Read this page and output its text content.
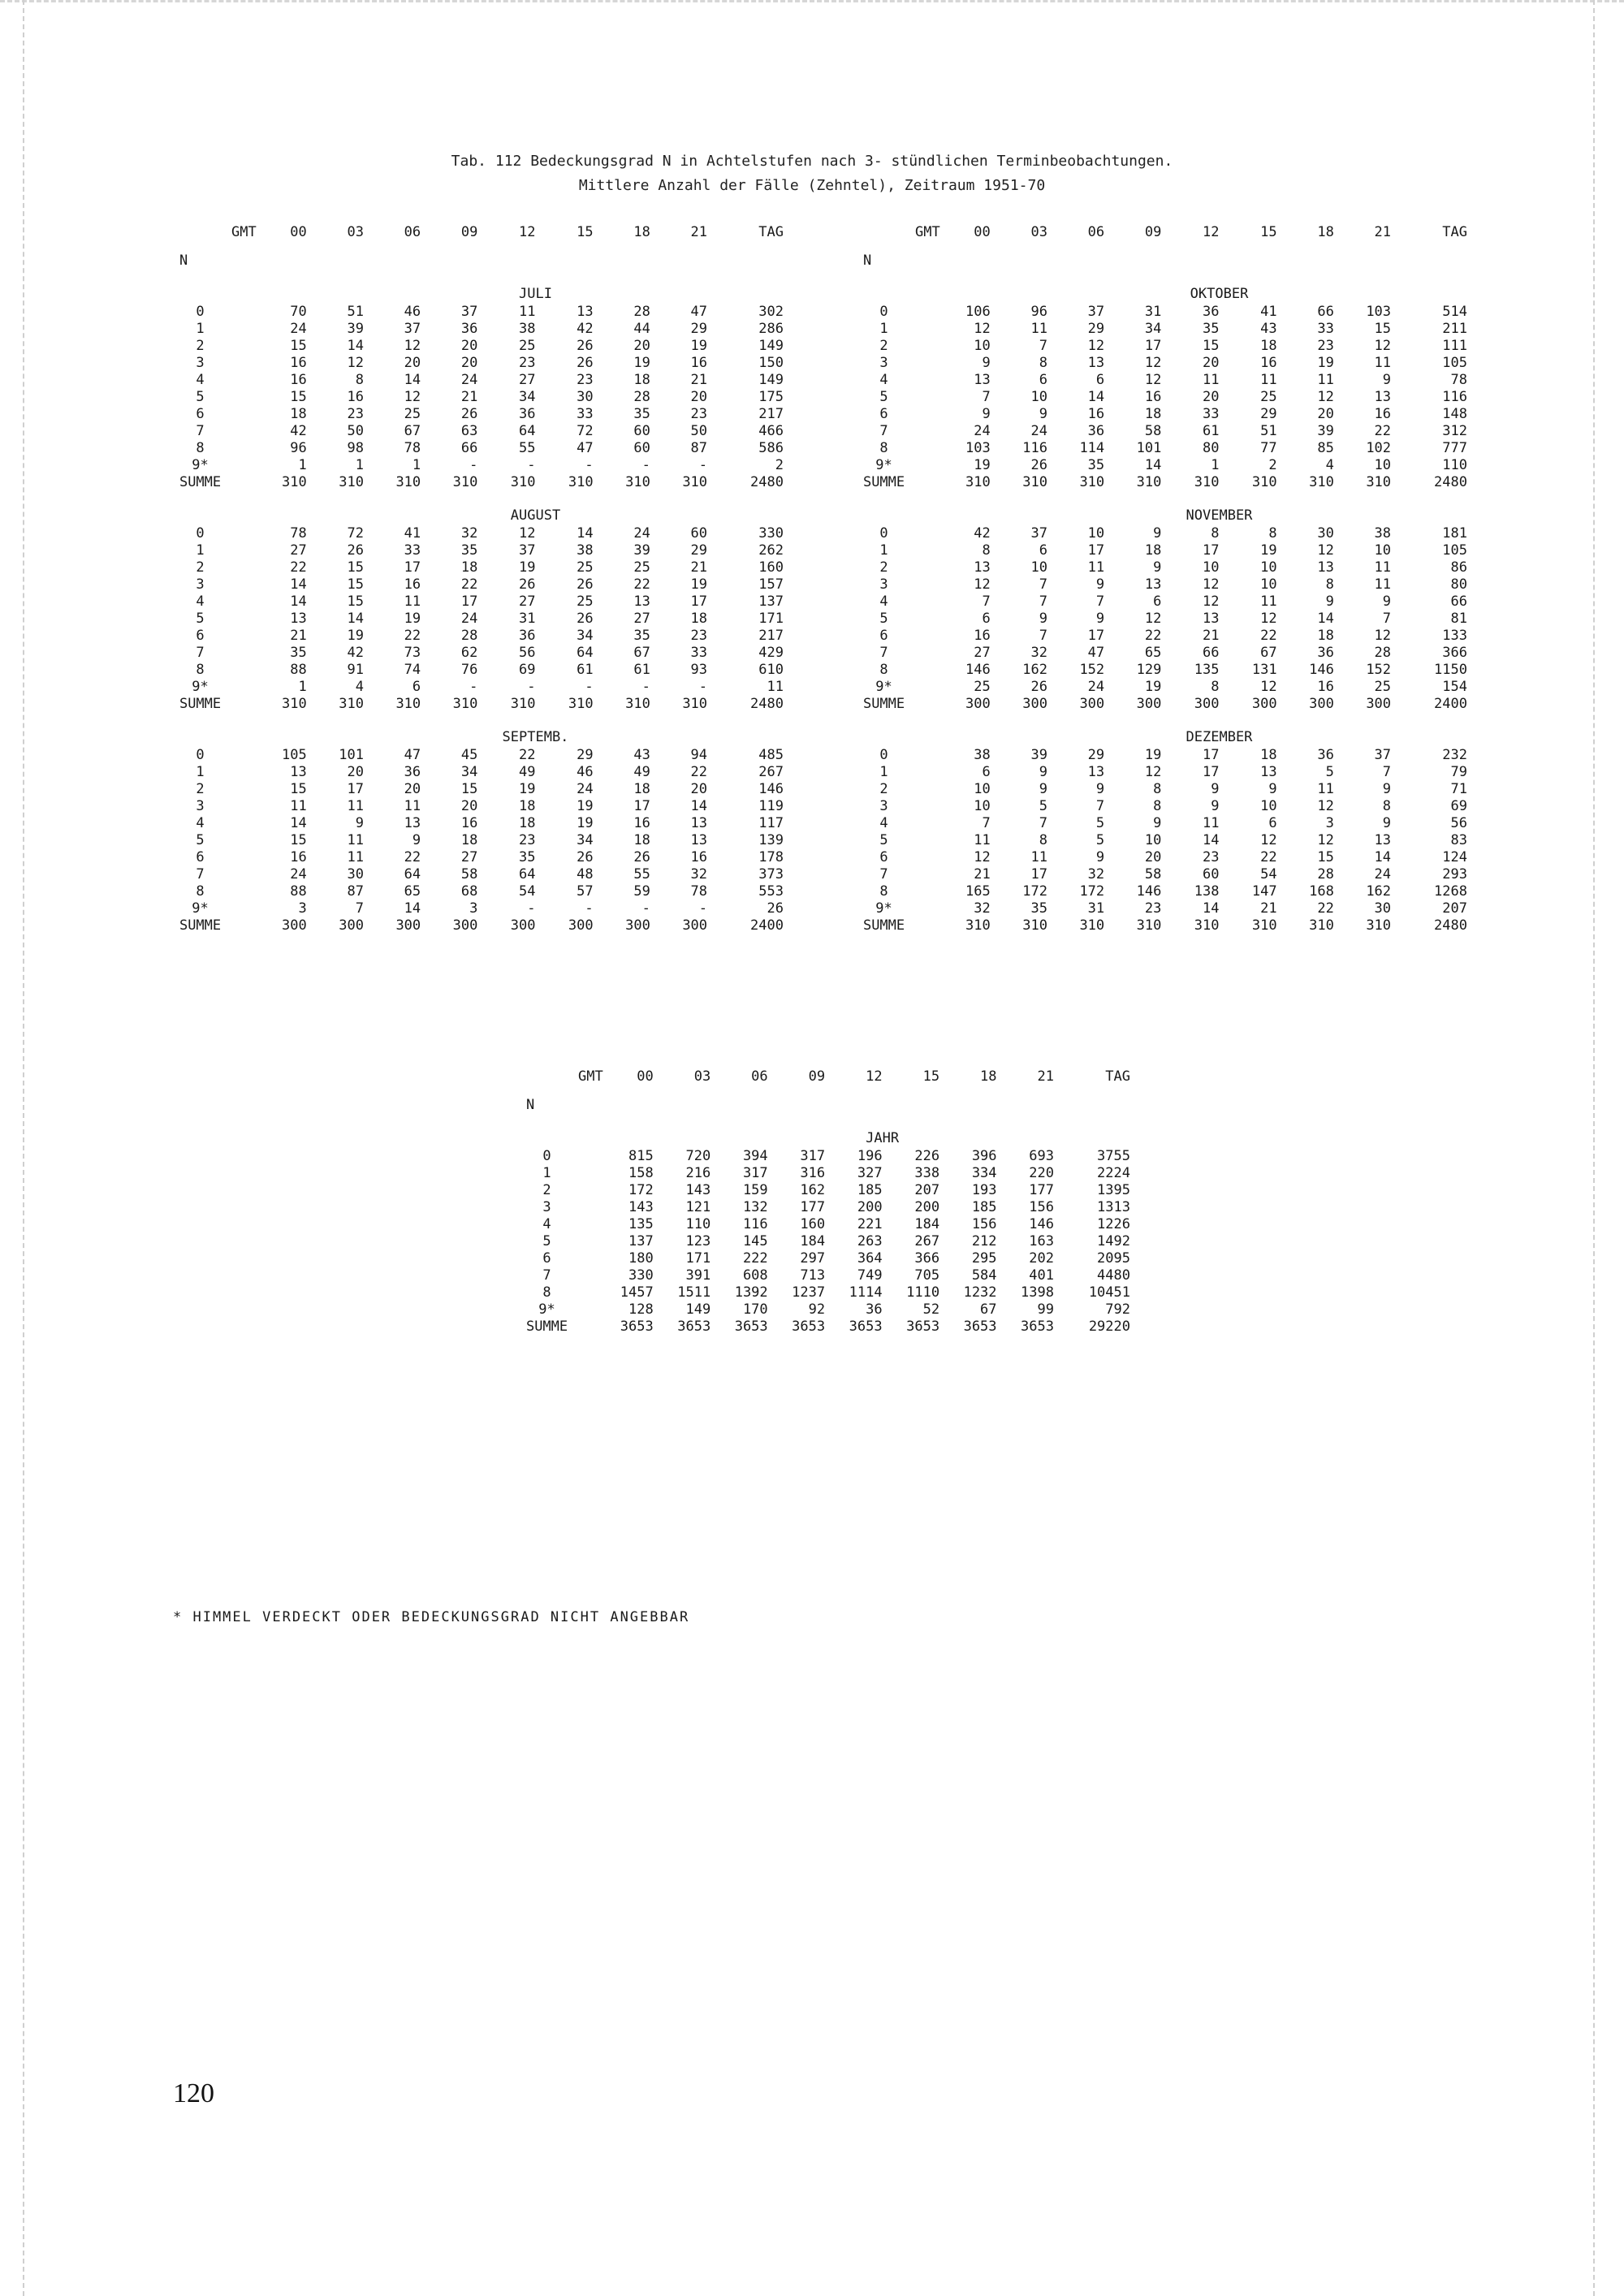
Tab. 112 Bedeckungsgrad N in Achtelstufen nach 3- stündlichen Terminbeobachtungen.
Mittlere Anzahl der Fälle (Zehntel), Zeitraum 1951-70
GMT 00		03	06	09	12	15	18	21	TAG
N									
					JULI				
0	70	51	46	37	11	13	28	47	302
1	24	39	37	36	38	42	44	29	286
2	15	14	12	20	25	26	20	19	149
3	16	12	20	20	23	26	19	16	150
4	16	8	14	24	27	23	18	21	149
5	15	16	12	21	34	30	28	20	175
6	18	23	25	26	36	33	35	23	217
7	42	50	67	63	64	72	60	50	466
8	96	98	78	66	55	47	60	87	586
9*	1	1	1	-	-	-	-	-	2
SUMME	310	310	310	310	310	310	310	310	2480
					AUGUST				
0	78	72	41	32	12	14	24	60	330
1	27	26	33	35	37	38	39	29	262
2	22	15	17	18	19	25	25	21	160
3	14	15	16	22	26	26	22	19	157
4	14	15	11	17	27	25	13	17	137
5	13	14	19	24	31	26	27	18	171
6	21	19	22	28	36	34	35	23	217
7	35	42	73	62	56	64	67	33	429
8	88	91	74	76	69	61	61	93	610
9*	1	4	6	-	-	-	-	-	11
SUMME	310	310	310	310	310	310	310	310	2480
					SEPTEMB.				
0	105	101	47	45	22	29	43	94	485
1	13	20	36	34	49	46	49	22	267
2	15	17	20	15	19	24	18	20	146
3	11	11	11	20	18	19	17	14	119
4	14	9	13	16	18	19	16	13	117
5	15	11	9	18	23	34	18	13	139
6	16	11	22	27	35	26	26	16	178
7	24	30	64	58	64	48	55	32	373
8	88	87	65	68	54	57	59	78	553
9*	3	7	14	3	-	-	-	-	26
SUMME	300	300	300	300	300	300	300	300	2400
GMT 00		03	06	09	12	15	18	21	TAG
N									
					OKTOBER				
0	106	96	37	31	36	41	66	103	514
1	12	11	29	34	35	43	33	15	211
2	10	7	12	17	15	18	23	12	111
3	9	8	13	12	20	16	19	11	105
4	13	6	6	12	11	11	11	9	78
5	7	10	14	16	20	25	12	13	116
6	9	9	16	18	33	29	20	16	148
7	24	24	36	58	61	51	39	22	312
8	103	116	114	101	80	77	85	102	777
9*	19	26	35	14	1	2	4	10	110
SUMME	310	310	310	310	310	310	310	310	2480
					NOVEMBER				
0	42	37	10	9	8	8	30	38	181
1	8	6	17	18	17	19	12	10	105
2	13	10	11	9	10	10	13	11	86
3	12	7	9	13	12	10	8	11	80
4	7	7	7	6	12	11	9	9	66
5	6	9	9	12	13	12	14	7	81
6	16	7	17	22	21	22	18	12	133
7	27	32	47	65	66	67	36	28	366
8	146	162	152	129	135	131	146	152	1150
9*	25	26	24	19	8	12	16	25	154
SUMME	300	300	300	300	300	300	300	300	2400
					DEZEMBER				
0	38	39	29	19	17	18	36	37	232
1	6	9	13	12	17	13	5	7	79
2	10	9	9	8	9	9	11	9	71
3	10	5	7	8	9	10	12	8	69
4	7	7	5	9	11	6	3	9	56
5	11	8	5	10	14	12	12	13	83
6	12	11	9	20	23	22	15	14	124
7	21	17	32	58	60	54	28	24	293
8	165	172	172	146	138	147	168	162	1268
9*	32	35	31	23	14	21	22	30	207
SUMME	310	310	310	310	310	310	310	310	2480
GMT 00		03	06	09	12	15	18	21	TAG
N									
					JAHR				
0	815	720	394	317	196	226	396	693	3755
1	158	216	317	316	327	338	334	220	2224
2	172	143	159	162	185	207	193	177	1395
3	143	121	132	177	200	200	185	156	1313
4	135	110	116	160	221	184	156	146	1226
5	137	123	145	184	263	267	212	163	1492
6	180	171	222	297	364	366	295	202	2095
7	330	391	608	713	749	705	584	401	4480
8	1457	1511	1392	1237	1114	1110	1232	1398	10451
9*	128	149	170	92	36	52	67	99	792
SUMME	3653	3653	3653	3653	3653	3653	3653	3653	29220
* HIMMEL VERDECKT ODER BEDECKUNGSGRAD NICHT ANGEBBAR
120
